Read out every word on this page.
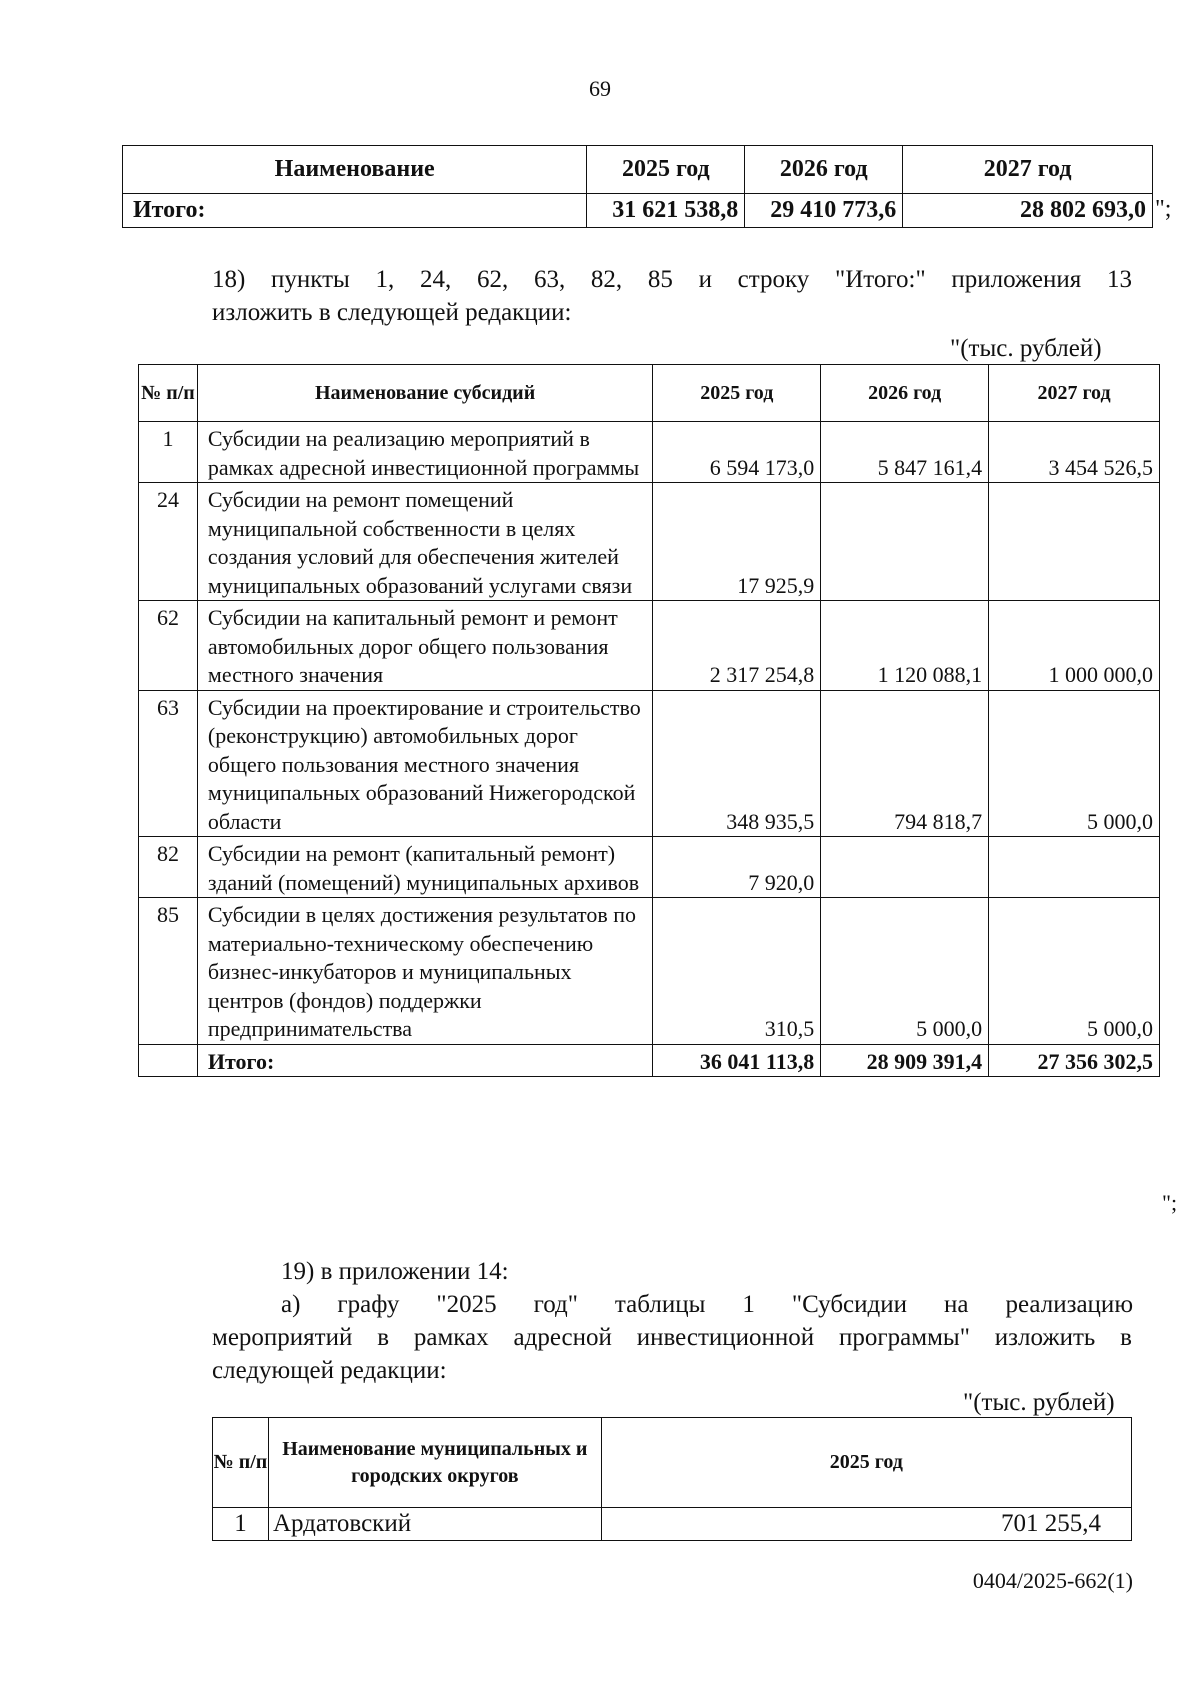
69
Наименование	2025 год	2026 год	2027 год
Итого:	31 621 538,8	29 410 773,6	28 802 693,0 ";
18) пункты 1, 24, 62, 63, 82, 85 и строку "Итого:" приложения 13
изложить в следующей редакции:
"(тыс. рублей)
№ п/п	Наименование субсидий	2025 год	2026 год	2027 год
1	Субсидии на реализацию мероприятий в рамках адресной инвестиционной программы	6 594 173,0	5 847 161,4	3 454 526,5
24	Субсидии на ремонт помещений муниципальной собственности в целях создания условий для обеспечения жителей муниципальных образований услугами связи	17 925,9		
62	Субсидии на капитальный ремонт и ремонт автомобильных дорог общего пользования местного значения	2 317 254,8	1 120 088,1	1 000 000,0
63	Субсидии на проектирование и строительство (реконструкцию) автомобильных дорог общего пользования местного значения муниципальных образований Нижегородской области	348 935,5	794 818,7	5 000,0
82	Субсидии на ремонт (капитальный ремонт) зданий (помещений) муниципальных архивов	7 920,0		
85	Субсидии в целях достижения результатов по материально-техническому обеспечению бизнес-инкубаторов и муниципальных центров (фондов) поддержки предпринимательства	310,5	5 000,0	5 000,0
	Итого:	36 041 113,8	28 909 391,4	27 356 302,5
";
19) в приложении 14:
а) графу "2025 год" таблицы 1 "Субсидии на реализацию
мероприятий в рамках адресной инвестиционной программы" изложить в
следующей редакции:
"(тыс. рублей)
№ п/п	Наименование муниципальных и городских округов	2025 год
1	Ардатовский	701 255,4
0404/2025-662(1)
